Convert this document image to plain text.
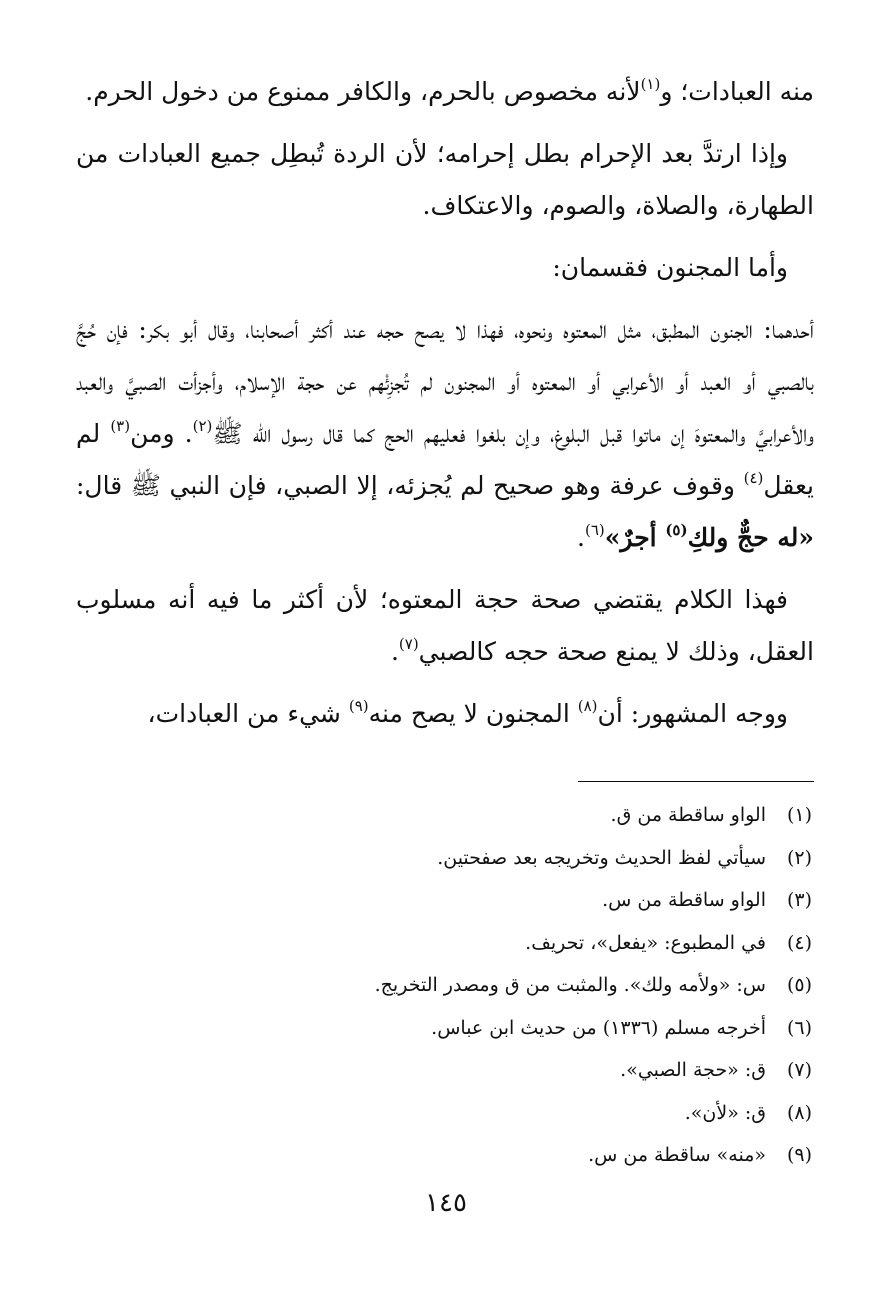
منه العبادات؛ و$^{(١)}$لأنه مخصوص بالحرم، والكافر ممنوع من دخول الحرم.

وإذا ارتدَّ بعد الإحرام بطل إحرامه؛ لأن الردة تُبطِل جميع العبادات من الطهارة، والصلاة، والصوم، والاعتكاف.

وأما المجنون فقسمان:

أحدهما: الجنون المطبق، مثل المعتوه ونحوه، فهذا لا يصح حجه عند أكثر أصحابنا، وقال أبو بكر: فإن حُجَّ بالصبي أو العبد أو الأعرابي أو المعتوه أو المجنون لم تُجزِئْهم عن حجة الإسلام، وأجزأت الصبيَّ والعبد والأعرابيَّ والمعتوهَ إن ماتوا قبل البلوغ، وإن بلغوا فعليهم الحج كما قال رسول الله ﷺ$^{(٢)}$. ومن$^{(٣)}$ لم يعقل$^{(٤)}$ وقوف عرفة وهو صحيح لم يُجزئه، إلا الصبي، فإن النبي ﷺ قال: «له حجٌّ ولكِ$^{(٥)}$ أجرٌ»$^{(٦)}$.

فهذا الكلام يقتضي صحة حجة المعتوه؛ لأن أكثر ما فيه أنه مسلوب العقل، وذلك لا يمنع صحة حجه كالصبي$^{(٧)}$.

ووجه المشهور: أن$^{(٨)}$ المجنون لا يصح منه$^{(٩)}$ شيء من العبادات،

(١)
الواو ساقطة من ق.
(٢)
سيأتي لفظ الحديث وتخريجه بعد صفحتين.
(٣)
الواو ساقطة من س.
(٤)
في المطبوع: «يفعل»، تحريف.
(٥)
س: «ولأمه ولك». والمثبت من ق ومصدر التخريج.
(٦)
أخرجه مسلم (١٣٣٦) من حديث ابن عباس.
(٧)
ق: «حجة الصبي».
(٨)
ق: «لأن».
(٩)
«منه» ساقطة من س.
١٤٥
